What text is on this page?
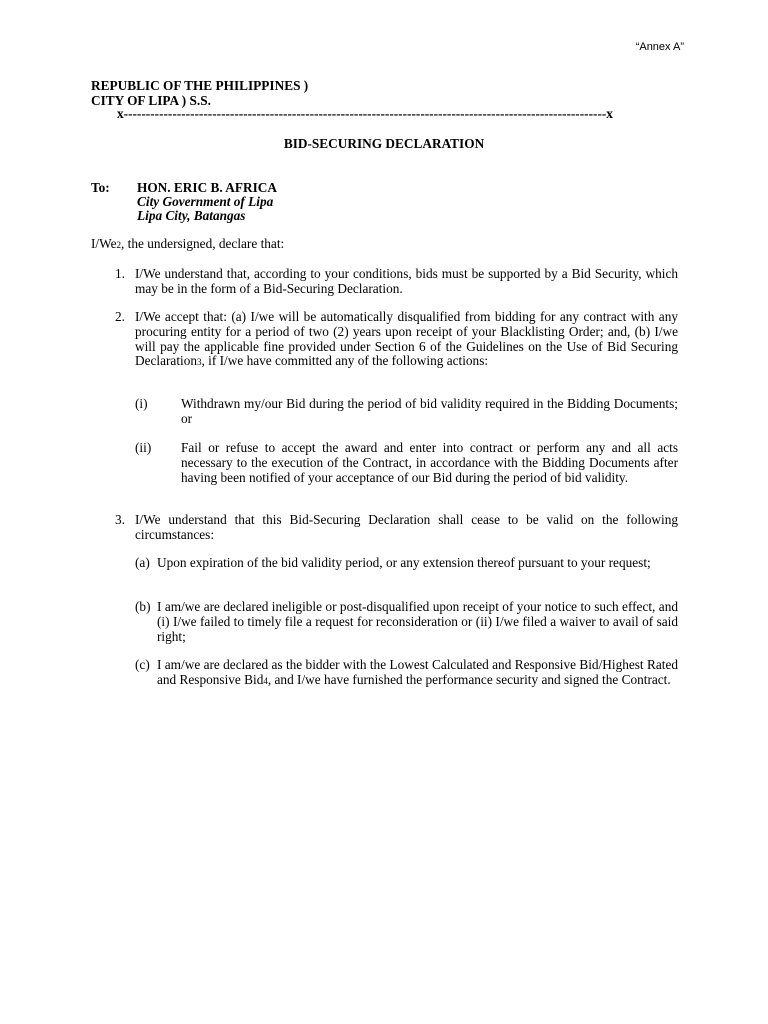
“Annex A”
REPUBLIC OF THE PHILIPPINES )
CITY OF LIPA ) S.S.
x-------------------------------------------------------------------------------------------------------------x
BID-SECURING DECLARATION
To: HON. ERIC B. AFRICA
City Government of Lipa
Lipa City, Batangas
I/We2, the undersigned, declare that:
1. I/We understand that, according to your conditions, bids must be supported by a Bid Security, which may be in the form of a Bid-Securing Declaration.
2. I/We accept that: (a) I/we will be automatically disqualified from bidding for any contract with any procuring entity for a period of two (2) years upon receipt of your Blacklisting Order; and, (b) I/we will pay the applicable fine provided under Section 6 of the Guidelines on the Use of Bid Securing Declaration3, if I/we have committed any of the following actions:
(i)	Withdrawn my/our Bid during the period of bid validity required in the Bidding Documents; or
(ii) Fail or refuse to accept the award and enter into contract or perform any and all acts necessary to the execution of the Contract, in accordance with the Bidding Documents after having been notified of your acceptance of our Bid during the period of bid validity.
3. I/We understand that this Bid-Securing Declaration shall cease to be valid on the following circumstances:
(a) Upon expiration of the bid validity period, or any extension thereof pursuant to your request;
(b) I am/we are declared ineligible or post-disqualified upon receipt of your notice to such effect, and (i) I/we failed to timely file a request for reconsideration or (ii) I/we filed a waiver to avail of said right;
(c) I am/we are declared as the bidder with the Lowest Calculated and Responsive Bid/Highest Rated and Responsive Bid4, and I/we have furnished the performance security and signed the Contract.
